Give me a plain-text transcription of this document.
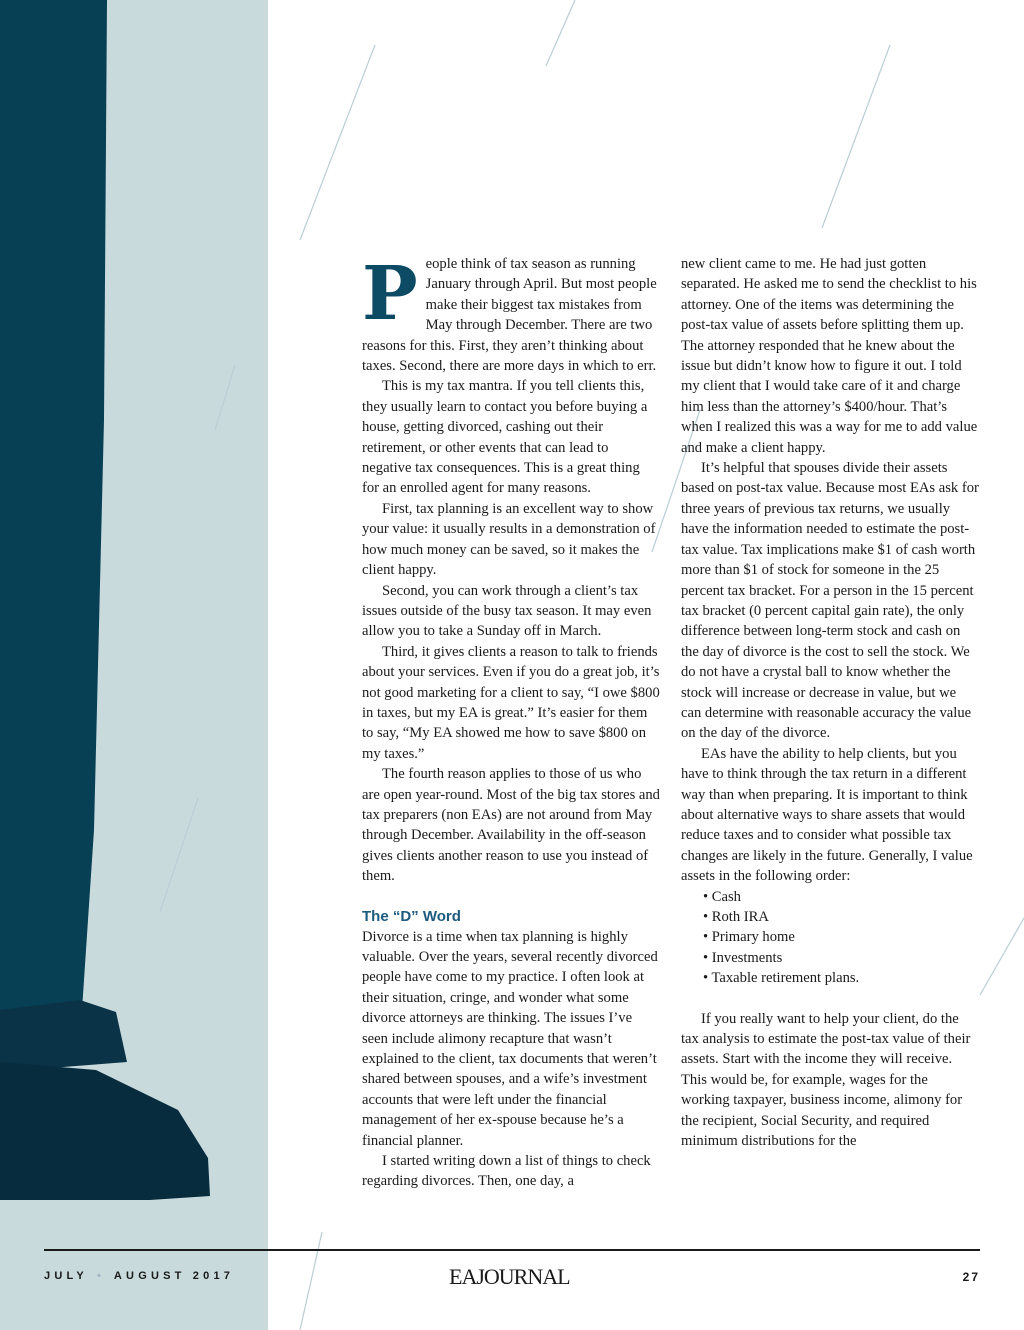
P eople think of tax season as running January through April. But most people make their biggest tax mistakes from May through December. There are two reasons for this. First, they aren’t thinking about taxes. Second, there are more days in which to err.

This is my tax mantra. If you tell clients this, they usually learn to contact you before buying a house, getting divorced, cashing out their retirement, or other events that can lead to negative tax consequences. This is a great thing for an enrolled agent for many reasons.

First, tax planning is an excellent way to show your value: it usually results in a demonstration of how much money can be saved, so it makes the client happy.

Second, you can work through a client’s tax issues outside of the busy tax season. It may even allow you to take a Sunday off in March.

Third, it gives clients a reason to talk to friends about your services. Even if you do a great job, it’s not good marketing for a client to say, “I owe $800 in taxes, but my EA is great.” It’s easier for them to say, “My EA showed me how to save $800 on my taxes.”

The fourth reason applies to those of us who are open year-round. Most of the big tax stores and tax preparers (non EAs) are not around from May through December. Availability in the off-season gives clients another reason to use you instead of them.

The “D” Word

Divorce is a time when tax planning is highly valuable. Over the years, several recently divorced people have come to my practice. I often look at their situation, cringe, and wonder what some divorce attorneys are thinking. The issues I’ve seen include alimony recapture that wasn’t explained to the client, tax documents that weren’t shared between spouses, and a wife’s investment accounts that were left under the financial management of her ex-spouse because he’s a financial planner.

I started writing down a list of things to check regarding divorces. Then, one day, a

new client came to me. He had just gotten separated. He asked me to send the checklist to his attorney. One of the items was determining the post-tax value of assets before splitting them up. The attorney responded that he knew about the issue but didn’t know how to figure it out. I told my client that I would take care of it and charge him less than the attorney’s $400/hour. That’s when I realized this was a way for me to add value and make a client happy.

It’s helpful that spouses divide their assets based on post-tax value. Because most EAs ask for three years of previous tax returns, we usually have the information needed to estimate the post-tax value. Tax implications make $1 of cash worth more than $1 of stock for someone in the 25 percent tax bracket. For a person in the 15 percent tax bracket (0 percent capital gain rate), the only difference between long-term stock and cash on the day of divorce is the cost to sell the stock. We do not have a crystal ball to know whether the stock will increase or decrease in value, but we can determine with reasonable accuracy the value on the day of the divorce.

EAs have the ability to help clients, but you have to think through the tax return in a different way than when preparing. It is important to think about alternative ways to share assets that would reduce taxes and to consider what possible tax changes are likely in the future. Generally, I value assets in the following order:

• Cash
• Roth IRA
• Primary home
• Investments
• Taxable retirement plans.

If you really want to help your client, do the tax analysis to estimate the post-tax value of their assets. Start with the income they will receive. This would be, for example, wages for the working taxpayer, business income, alimony for the recipient, Social Security, and required minimum distributions for the

JULY • AUGUST 2017	EAJOURNAL	27
